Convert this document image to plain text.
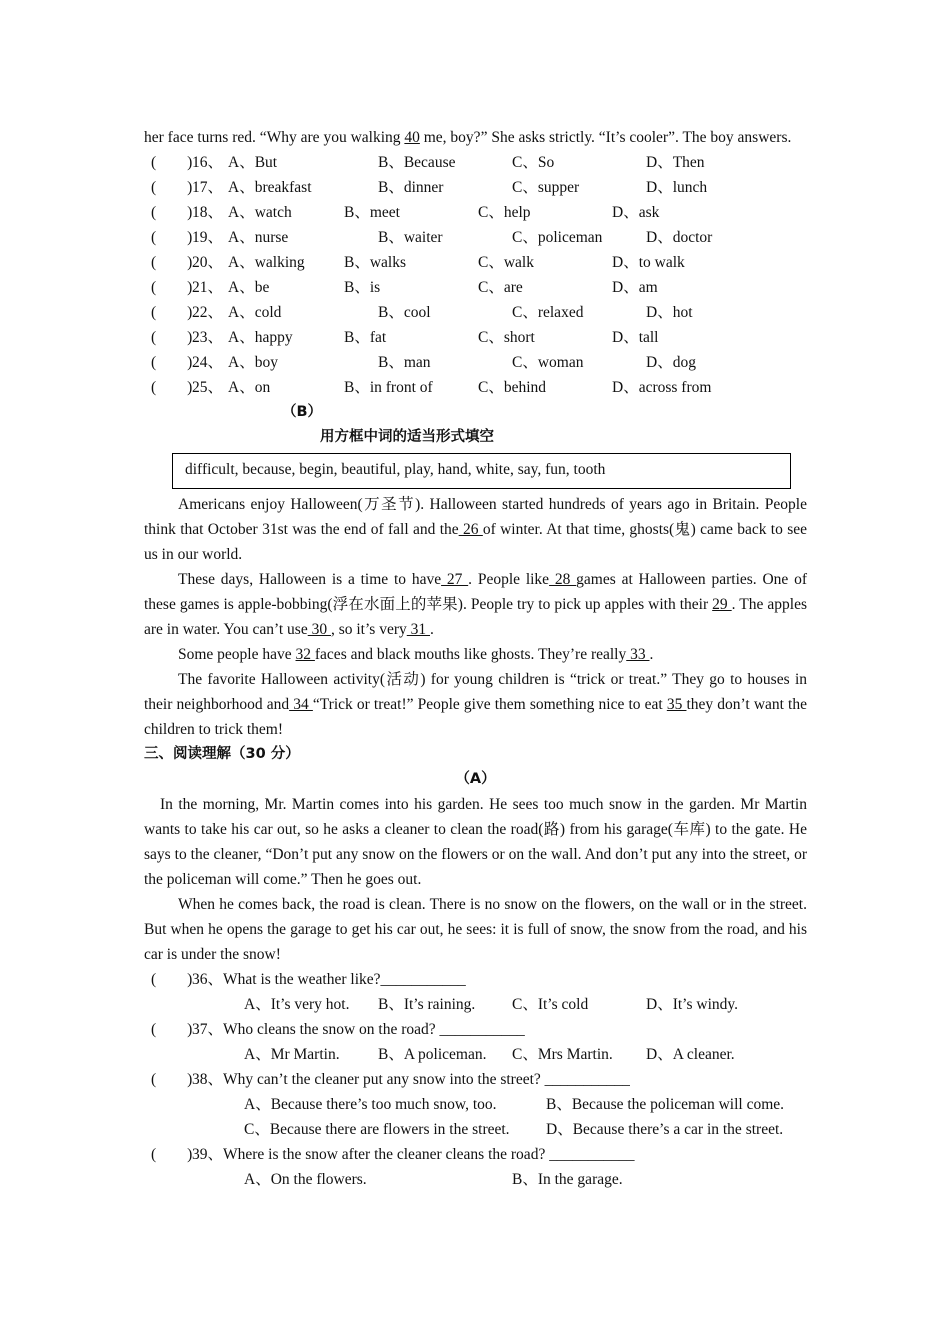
her face turns red. “Why are you walking 40 me, boy?” She asks strictly. “It’s cooler”. The boy answers.
(　　) 16、 A、But	B、Because	C、So	D、Then
(　　) 17、 A、breakfast	B、dinner	C、supper	D、lunch
(　　) 18、 A、watch	B、meet	C、help	D、ask
(　　) 19、 A、nurse	B、waiter	C、policeman	D、doctor
(　　) 20、 A、walking	B、walks	C、walk	D、to walk
(　　) 21、 A、be	B、is	C、are	D、am
(　　) 22、 A、cold	B、cool	C、relaxed	D、hot
(　　) 23、 A、happy	B、fat	C、short	D、tall
(　　) 24、 A、boy	B、man	C、woman	D、dog
(　　) 25、 A、on	B、in front of	C、behind	D、across from
（B）
用方框中词的适当形式填空
difficult, because, begin, beautiful, play, hand, white, say, fun, tooth
Americans enjoy Halloween(万圣节). Halloween started hundreds of years ago in Britain. People think that October 31st was the end of fall and the 26 of winter. At that time, ghosts(鬼) came back to see us in our world.
These days, Halloween is a time to have 27 . People like 28 games at Halloween parties. One of these games is apple-bobbing(浮在水面上的苹果). People try to pick up apples with their 29 . The apples are in water. You can’t use 30 , so it’s very 31 .
Some people have 32 faces and black mouths like ghosts. They’re really 33 .
The favorite Halloween activity(活动) for young children is “trick or treat.” They go to houses in their neighborhood and 34 “Trick or treat!” People give them something nice to eat 35 they don’t want the children to trick them!
三、阅读理解（30 分）
（A）
In the morning, Mr. Martin comes into his garden. He sees too much snow in the garden. Mr Martin wants to take his car out, so he asks a cleaner to clean the road(路) from his garage(车库) to the gate. He says to the cleaner, “Don’t put any snow on the flowers or on the wall. And don’t put any into the street, or the policeman will come.” Then he goes out.
When he comes back, the road is clean. There is no snow on the flowers, on the wall or in the street. But when he opens the garage to get his car out, he sees: it is full of snow, the snow from the road, and his car is under the snow!
(　　) 36、What is the weather like?___________
A、It’s very hot. B、It’s raining. C、It’s cold	D、It’s windy.
(　　) 37、Who cleans the snow on the road? ___________
A、Mr Martin. B、A policeman. C、Mrs Martin. D、A cleaner.
(　　) 38、Why can’t the cleaner put any snow into the street? ___________
A、Because there’s too much snow, too.	B、Because the policeman will come.
C、Because there are flowers in the street. D、Because there’s a car in the street.
(　　) 39、Where is the snow after the cleaner cleans the road? ___________
A、On the flowers.	B、In the garage.
